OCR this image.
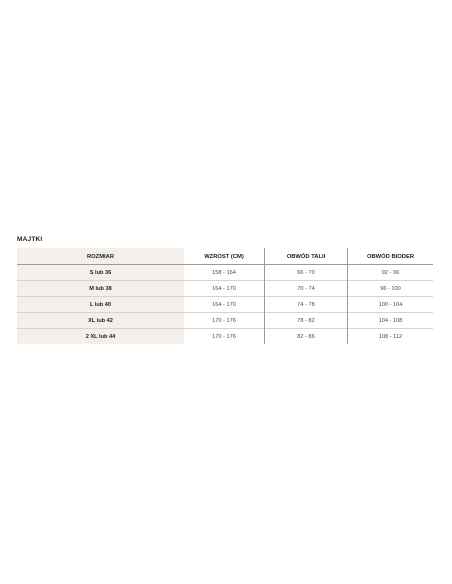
MAJTKI
ROZMIAR	WZROST (CM)	OBWÓD TALII	OBWÓD BIODER
S lub 36	158 - 164	66 - 70	92 - 96
M lub 38	164 - 170	70 - 74	96 - 100
L lub 40	164 - 170	74 - 78	100 - 104
XL lub 42	170 - 176	78 - 82	104 - 108
2 XL lub 44	170 - 176	82 - 86	108 - 112
